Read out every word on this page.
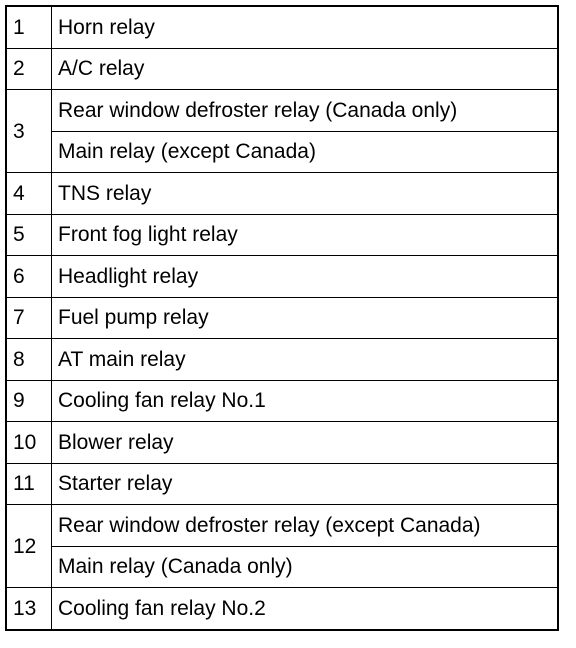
1	Horn relay
2	A/C relay
3	Rear window defroster relay (Canada only)
	Main relay (except Canada)
4	TNS relay
5	Front fog light relay
6	Headlight relay
7	Fuel pump relay
8	AT main relay
9	Cooling fan relay No.1
10	Blower relay
11	Starter relay
12	Rear window defroster relay (except Canada)
	Main relay (Canada only)
13	Cooling fan relay No.2
